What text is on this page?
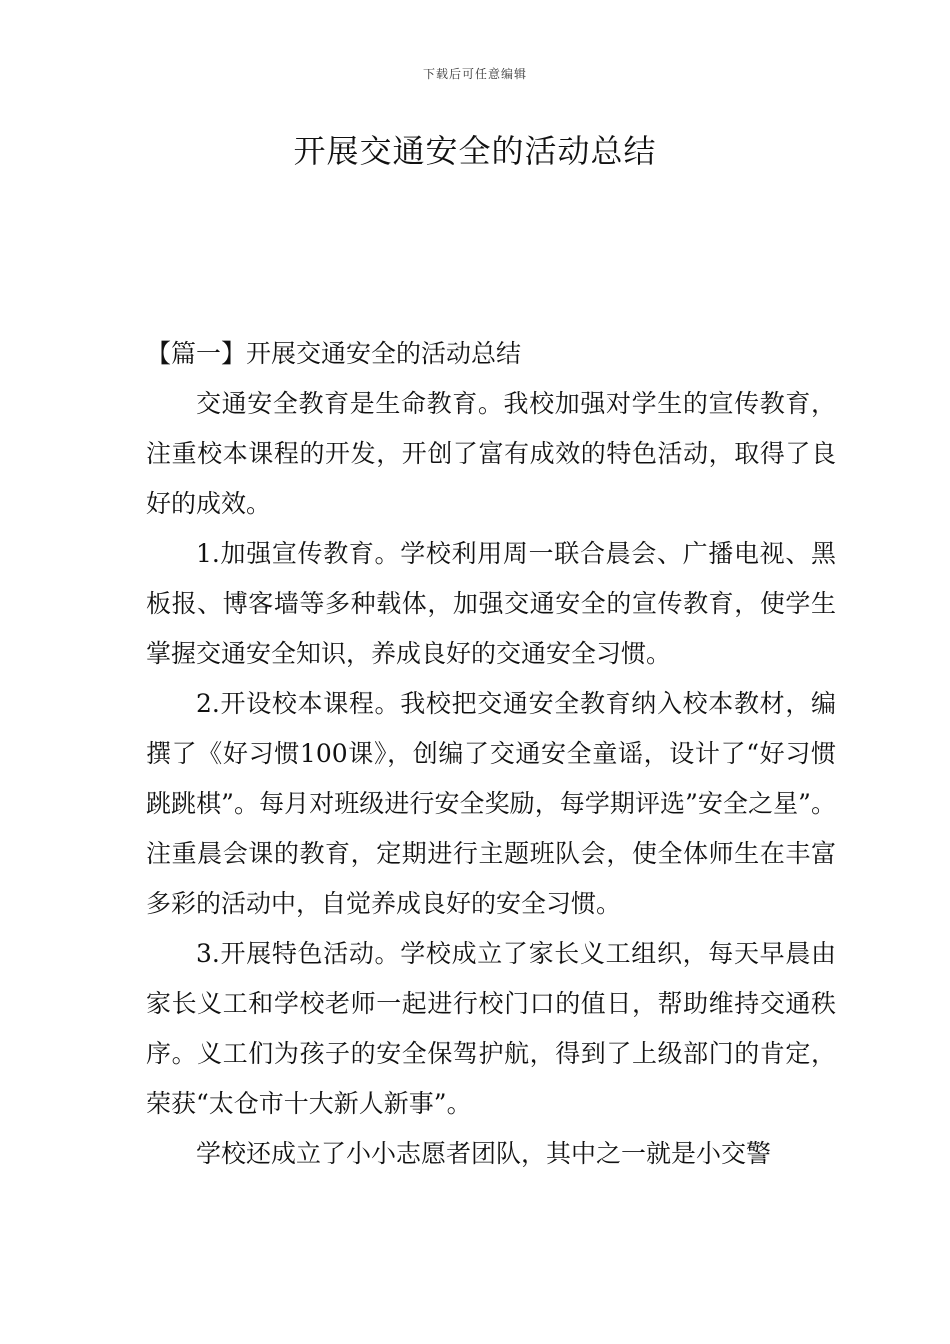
下载后可任意编辑
开展交通安全的活动总结

【篇一】开展交通安全的活动总结

交通安全教育是生命教育。我校加强对学生的宣传教育，注重校本课程的开发，开创了富有成效的特色活动，取得了良好的成效。

1.加强宣传教育。学校利用周一联合晨会、广播电视、黑板报、博客墙等多种载体，加强交通安全的宣传教育，使学生掌握交通安全知识，养成良好的交通安全习惯。

2.开设校本课程。我校把交通安全教育纳入校本教材，编撰了《好习惯100课》，创编了交通安全童谣，设计了“好习惯跳跳棋”。每月对班级进行安全奖励，每学期评选”安全之星”。注重晨会课的教育，定期进行主题班队会，使全体师生在丰富多彩的活动中，自觉养成良好的安全习惯。

3.开展特色活动。学校成立了家长义工组织，每天早晨由家长义工和学校老师一起进行校门口的值日，帮助维持交通秩序。义工们为孩子的安全保驾护航，得到了上级部门的肯定，荣获“太仓市十大新人新事”。

学校还成立了小小志愿者团队，其中之一就是小交警
